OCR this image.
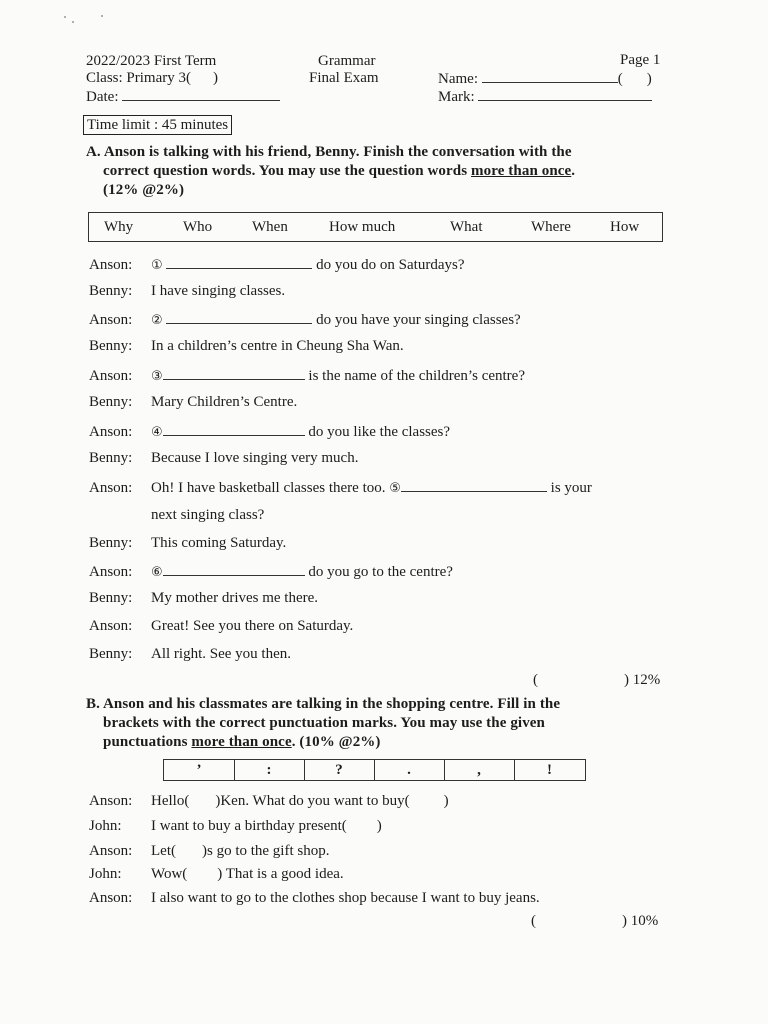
2022/2023 First Term
Class: Primary 3( )
Date:
Grammar
Final Exam
Page 1
Name:	( )
Mark:
Time limit : 45 minutes
A. Anson is talking with his friend, Benny. Finish the conversation with the
correct question words. You may use the question words more than once.
(12% @2%)
Why	Who	When	How much	What	Where	How
Anson: ①	do you do on Saturdays?
Benny: I have singing classes.
Anson: ②	do you have your singing classes?
Benny: In a children’s centre in Cheung Sha Wan.
Anson: ③	is the name of the children’s centre?
Benny: Mary Children’s Centre.
Anson: ④	do you like the classes?
Benny: Because I love singing very much.
Anson: Oh! I have basketball classes there too. ⑤	is your
next singing class?
Benny: This coming Saturday.
Anson: ⑥	do you go to the centre?
Benny: My mother drives me there.
Anson: Great! See you there on Saturday.
Benny: All right. See you then.
(	) 12%
B. Anson and his classmates are talking in the shopping centre. Fill in the
brackets with the correct punctuation marks. You may use the given
punctuations more than once. (10% @2%)
’	:	?	.	,	!
Anson: Hello( )Ken. What do you want to buy( )
John: I want to buy a birthday present( )
Anson: Let( )s go to the gift shop.
John: Wow( ) That is a good idea.
Anson: I also want to go to the clothes shop because I want to buy jeans.
(	) 10%
